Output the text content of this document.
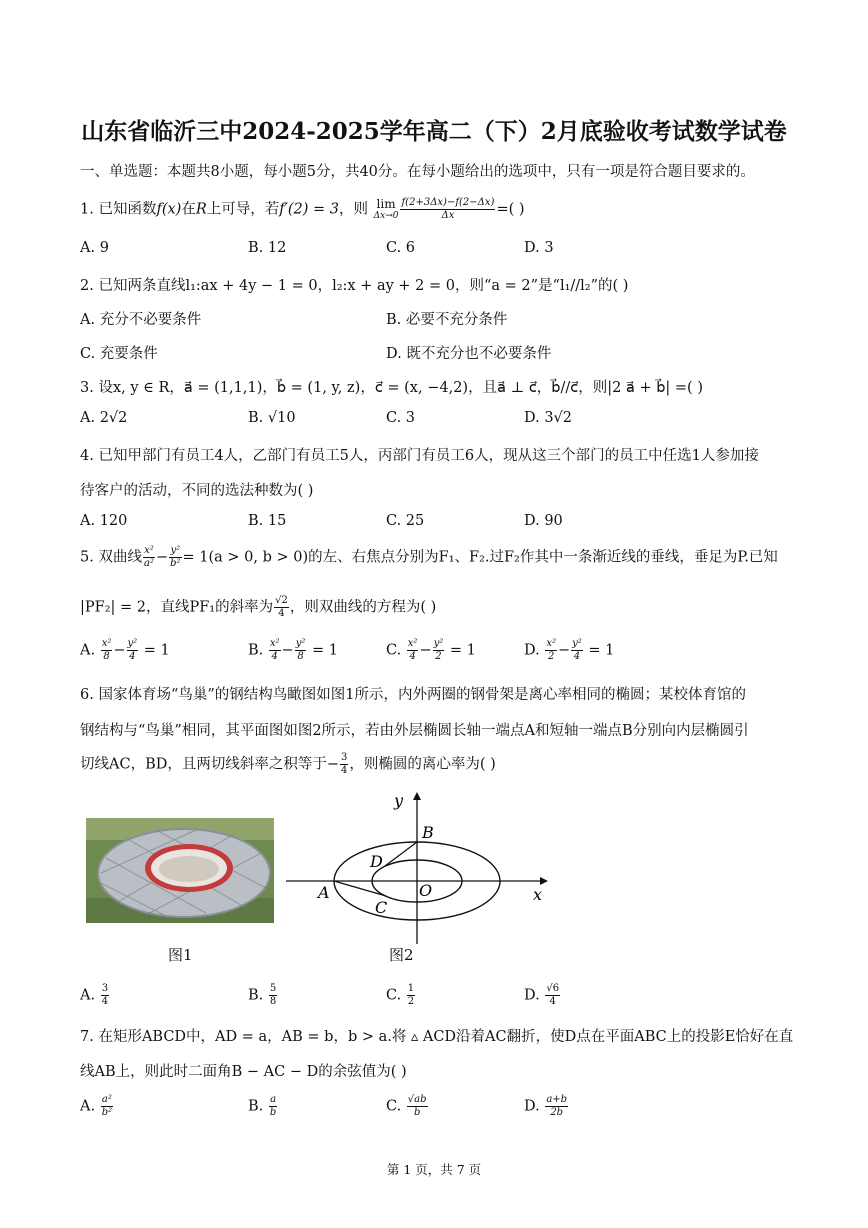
山东省临沂三中2024-2025学年高二（下）2月底验收考试数学试卷
一、单选题：本题共8小题，每小题5分，共40分。在每小题给出的选项中，只有一项是符合题目要求的。
1. 已知函数f(x)在R上可导，若f′(2) = 3，则 lim
$\Delta x\to 0 \frac{f(2+3\Delta x)-f(2-\Delta x)}{\Delta x}$ =( )
A. 9	B. 12	C. 6	D. 3
2. 已知两条直线l₁:ax + 4y − 1 = 0，l₂:x + ay + 2 = 0，则“a = 2”是“l₁//l₂”的( )
A. 充分不必要条件	B. 必要不充分条件
C. 充要条件	D. 既不充分也不必要条件
3. 设x, y ∈ R，a⃗ = (1,1,1)，b⃗ = (1, y, z)，c⃗ = (x, −4,2)，且a⃗ ⊥ c⃗，b⃗//c⃗，则|2 a⃗ + b⃗| =( )
A. 2√2	B. √10	C. 3	D. 3√2
4. 已知甲部门有员工4人，乙部门有员工5人，丙部门有员工6人，现从这三个部门的员工中任选1人参加接
待客户的活动，不同的选法种数为( )
A. 120	B. 15	C. 25	D. 90
5. 双曲线 $\frac{\text{x²}}{\text{a²}} - \frac{\text{y²}}{\text{b²}} = 1(a > 0$, b > 0)的左、右焦点分别为F₁、F₂.过F₂作其中一条渐近线的垂线，垂足为P.已知
|PF₂| = 2，直线PF₁的斜率为 $\frac{√2}{4}$ ，则双曲线的方程为( )
A. $\frac{\text{x²}}{8} - \frac{\text{y²}}{4} = 1$	B. $\frac{\text{x²}}{4} - \frac{\text{y²}}{8} = 1$	C. $\frac{\text{x²}}{4} - \frac{\text{y²}}{2} = 1$	D. $\frac{\text{x²}}{2} - \frac{\text{y²}}{4} = 1$
6. 国家体育场“鸟巢”的钢结构鸟瞰图如图1所示，内外两圈的钢骨架是离心率相同的椭圆；某校体育馆的
钢结构与“鸟巢”相同，其平面图如图2所示，若由外层椭圆长轴一端点A和短轴一端点B分别向内层椭圆引
切线AC，BD，且两切线斜率之积等于− $\frac{3}{4}$ ，则椭圆的离心率为( )
y
x
B
D
A	O
C
图1	图2
A. $\frac{3}{4}$	B. $\frac{5}{8}$	C. $\frac{1}{2}$	D. $\frac{√6}{4}$
7. 在矩形ABCD中，AD = a，AB = b，b > a.将 ▵ ACD沿着AC翻折，使D点在平面ABC上的投影E恰好在直
线AB上，则此时二面角B − AC − D的余弦值为( )
A. $\frac{\text{a²}}{\text{b²}}$	B. $\frac{a}{b}$	C. $\frac{√ab}{b}$	D. $\frac{a+b}{2b}$
第 1 页，共 7 页
